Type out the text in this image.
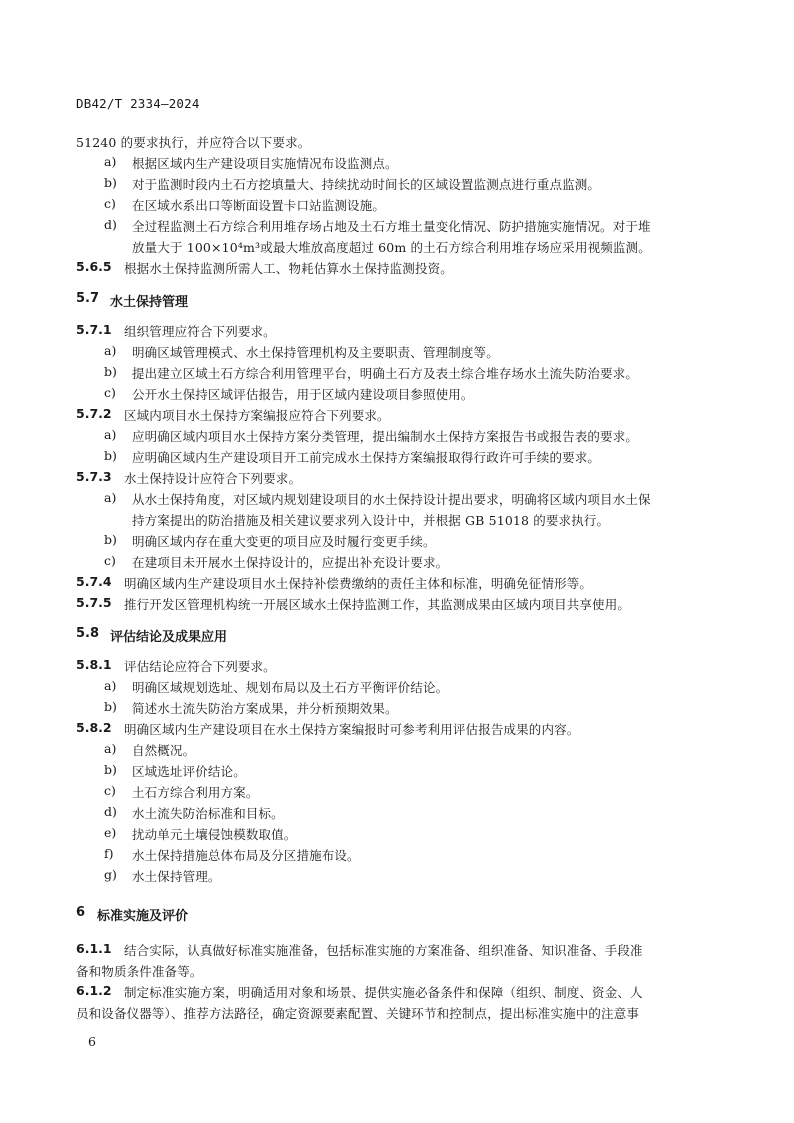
DB42/T 2334—2024
51240 的要求执行，并应符合以下要求。
a) 根据区域内生产建设项目实施情况布设监测点。
b) 对于监测时段内土石方挖填量大、持续扰动时间长的区域设置监测点进行重点监测。
c) 在区域水系出口等断面设置卡口站监测设施。
d) 全过程监测土石方综合利用堆存场占地及土石方堆土量变化情况、防护措施实施情况。对于堆
放量大于 100×10⁴m³或最大堆放高度超过 60m 的土石方综合利用堆存场应采用视频监测。
5.6.5 根据水土保持监测所需人工、物耗估算水土保持监测投资。
5.7 水土保持管理
5.7.1 组织管理应符合下列要求。
a) 明确区域管理模式、水土保持管理机构及主要职责、管理制度等。
b) 提出建立区域土石方综合利用管理平台，明确土石方及表土综合堆存场水土流失防治要求。
c) 公开水土保持区域评估报告，用于区域内建设项目参照使用。
5.7.2 区域内项目水土保持方案编报应符合下列要求。
a) 应明确区域内项目水土保持方案分类管理，提出编制水土保持方案报告书或报告表的要求。
b) 应明确区域内生产建设项目开工前完成水土保持方案编报取得行政许可手续的要求。
5.7.3 水土保持设计应符合下列要求。
a) 从水土保持角度，对区域内规划建设项目的水土保持设计提出要求，明确将区域内项目水土保
持方案提出的防治措施及相关建议要求列入设计中，并根据 GB 51018 的要求执行。
b) 明确区域内存在重大变更的项目应及时履行变更手续。
c) 在建项目未开展水土保持设计的，应提出补充设计要求。
5.7.4 明确区域内生产建设项目水土保持补偿费缴纳的责任主体和标准，明确免征情形等。
5.7.5 推行开发区管理机构统一开展区域水土保持监测工作，其监测成果由区域内项目共享使用。
5.8 评估结论及成果应用
5.8.1 评估结论应符合下列要求。
a) 明确区域规划选址、规划布局以及土石方平衡评价结论。
b) 简述水土流失防治方案成果，并分析预期效果。
5.8.2 明确区域内生产建设项目在水土保持方案编报时可参考利用评估报告成果的内容。
a) 自然概况。
b) 区域选址评价结论。
c) 土石方综合利用方案。
d) 水土流失防治标准和目标。
e) 扰动单元土壤侵蚀模数取值。
f) 水土保持措施总体布局及分区措施布设。
g) 水土保持管理。
6 标准实施及评价
6.1.1 结合实际，认真做好标准实施准备，包括标准实施的方案准备、组织准备、知识准备、手段准
备和物质条件准备等。
6.1.2 制定标准实施方案，明确适用对象和场景、提供实施必备条件和保障（组织、制度、资金、人
员和设备仪器等）、推荐方法路径，确定资源要素配置、关键环节和控制点，提出标准实施中的注意事
6
